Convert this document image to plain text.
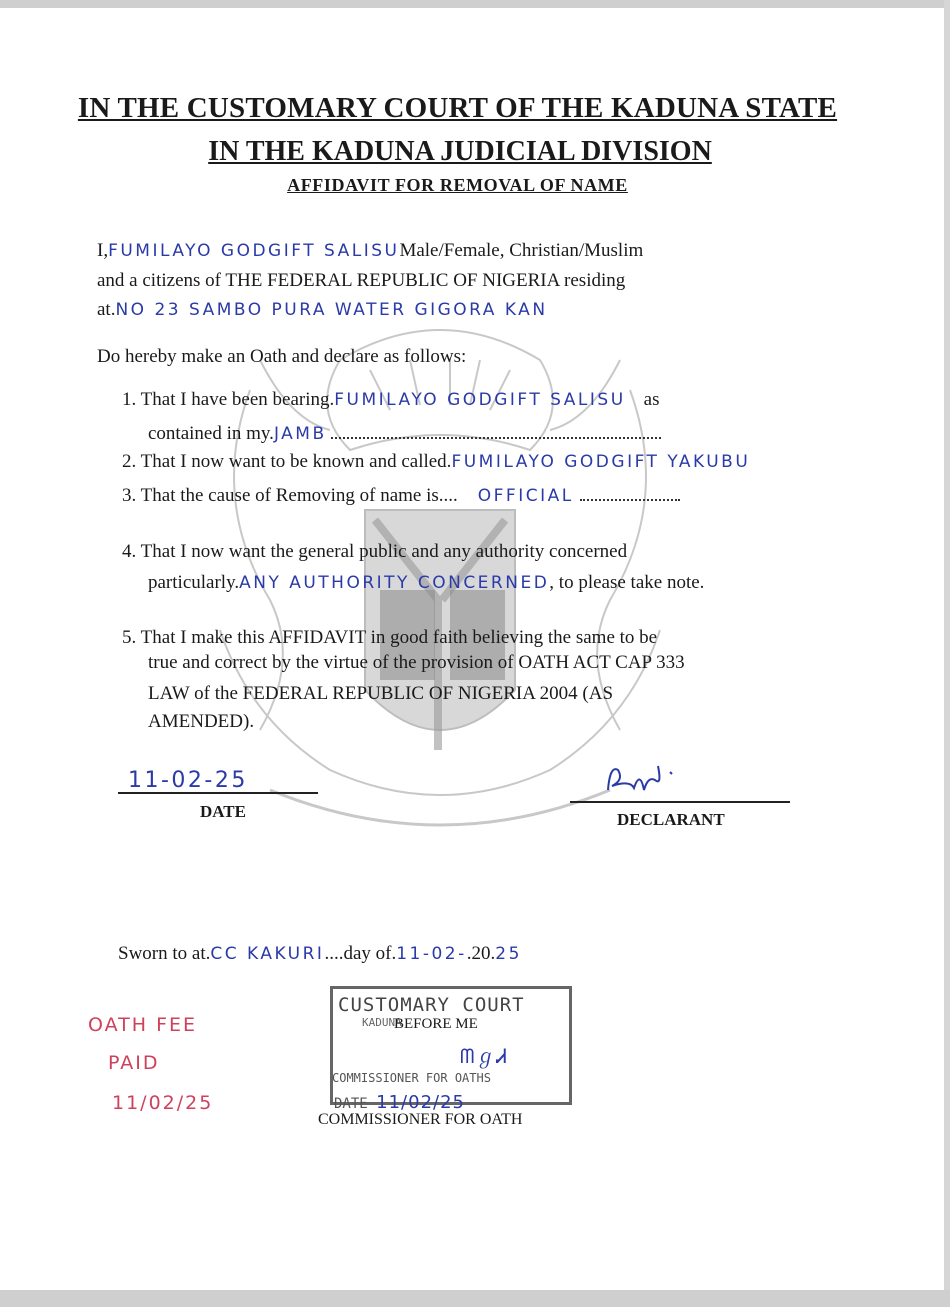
IN THE CUSTOMARY COURT OF THE KADUNA STATE
IN THE KADUNA JUDICIAL DIVISION
AFFIDAVIT FOR REMOVAL OF NAME
I,FUMILAYO GODGIFT SALISUMale/Female, Christian/Muslim
and a citizens of THE FEDERAL REPUBLIC OF NIGERIA residing
at.NO 23 SAMBO PURA WATER GIGORA KAN
Do hereby make an Oath and declare as follows:
1. That I have been bearing.FUMILAYO GODGIFT SALISU as
contained in my.JAMB
2. That I now want to be known and called.FUMILAYO GODGIFT YAKUBU
3. That the cause of Removing of name is.... OFFICIAL
4. That I now want the general public and any authority concerned
particularly.ANY AUTHORITY CONCERNED, to please take note.
5. That I make this AFFIDAVIT in good faith believing the same to be
true and correct by the virtue of the provision of OATH ACT CAP 333
LAW of the FEDERAL REPUBLIC OF NIGERIA 2004 (AS
AMENDED).
11-02-25
DATE	DECLARANT
Sworn to at.CC KAKURI....day of.11-02-.20.25
CUSTOMARY COURT
KADUNA
BEFORE ME
ᗰℊᏗ
COMMISSIONER FOR OATHS
DATE 11/02/25
COMMISSIONER FOR OATH
OATH FEE
PAID
11/02/25
